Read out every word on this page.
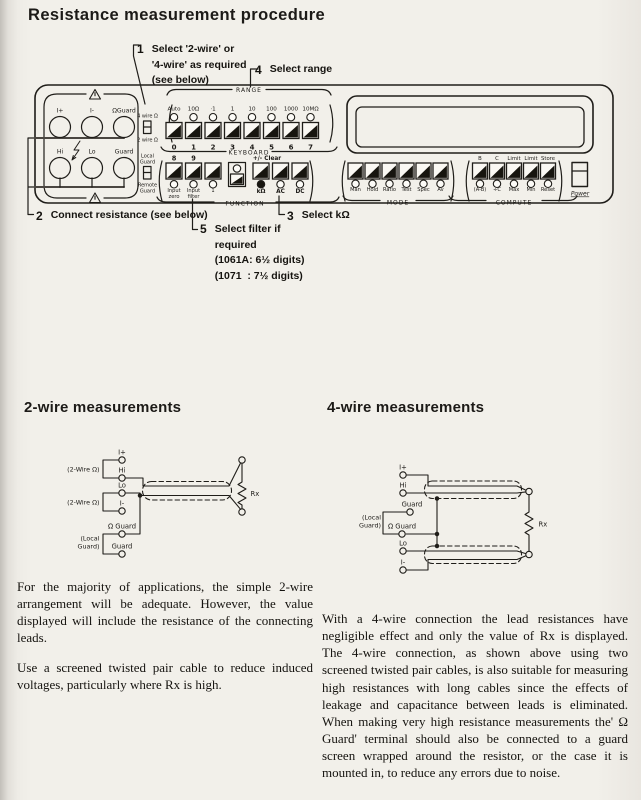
Resistance measurement procedure
1 Select '2-wire' or
'4-wire' as required
(see below)
4 Select range
2 Connect resistance (see below)	3 Select kΩ
5 Select filter if
required
(1061A: 6½ digits)
(1071  : 7½ digits)
I+	I-	ΩGuard
Hi	Lo	Guard
4 wire Ω
2 wire Ω
Local
Guard
Remote
Guard
RANGE
KEYBOARD
FUNCTION	MODE	COMPUTE
Power
+/- Clear
Auto
0
10Ω
1
·1
2
1
3
10
4
100
5
1000
6
10MΩ
7
8
Input
zero
9
Input
filter
1	kΩ AC DC	Man Hold Ratio Test Spec Av
B
(A-B)
C
÷C
Limit
Max
Limit
Min
Store
Reset
2-wire measurements	4-wire measurements
I+
Hi
Lo
I-
Ω Guard
Guard
(2-Wire Ω)
(2-Wire Ω)
(Local
Guard)
Rx
I+
Hi
Guard
Ω Guard
Lo
I-
(Local
Guard)	Rx

For the majority of applications, the simple 2-wire arrangement will be adequate. However, the value displayed will include the resistance of the connecting leads.

Use a screened twisted pair cable to reduce induced voltages, particularly where Rx is high.

With a 4-wire connection the lead resistances have negligible effect and only the value of Rx is displayed. The 4-wire connection, as shown above using two screened twisted pair cables, is also suitable for measuring high resistances with long cables since the effects of leakage and capacitance between leads is eliminated. When making very high resistance measurements the' Ω Guard' terminal should also be connected to a guard screen wrapped around the resistor, or the case it is mounted in, to reduce any errors due to noise.
